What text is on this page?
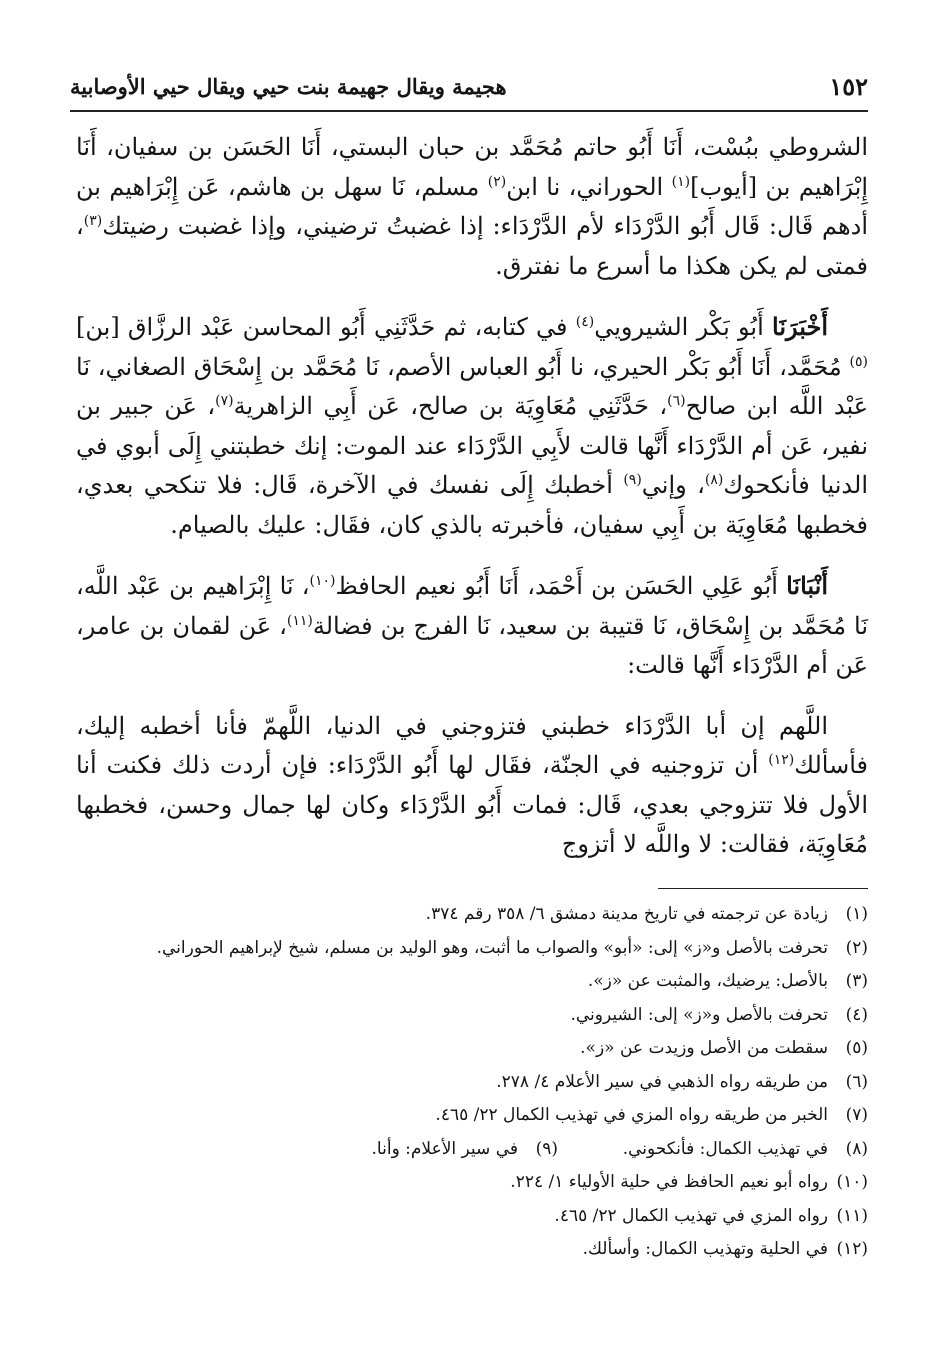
١٥٢
هجيمة ويقال جهيمة بنت حيي ويقال حيي الأوصابية

الشروطي ببُسْت، أَنَا أَبُو حاتم مُحَمَّد بن حبان البستي، أَنَا الحَسَن بن سفيان، أَنَا إِبْرَاهيم بن [أيوب]$^{(١)}$ الحوراني، نا ابن$^{(٢)}$ مسلم، نَا سهل بن هاشم، عَن إِبْرَاهيم بن أدهم قَال: قَال أَبُو الدَّرْدَاء لأم الدَّرْدَاء: إذا غضبتُ ترضيني، وإذا غضبت رضيتك$^{(٣)}$، فمتى لم يكن هكذا ما أسرع ما نفترق.

أَخْبَرَنَا أَبُو بَكْر الشيرويي$^{(٤)}$ في كتابه، ثم حَدَّثَنِي أَبُو المحاسن عَبْد الرزَّاق [بن]$^{(٥)}$ مُحَمَّد، أَنَا أَبُو بَكْر الحيري، نا أَبُو العباس الأصم، نَا مُحَمَّد بن إِسْحَاق الصغاني، نَا عَبْد اللَّه ابن صالح$^{(٦)}$، حَدَّثَنِي مُعَاوِيَة بن صالح، عَن أَبِي الزاهرية$^{(٧)}$، عَن جبير بن نفير، عَن أم الدَّرْدَاء أَنَّها قالت لأَبِي الدَّرْدَاء عند الموت: إنك خطبتني إِلَى أبوي في الدنيا فأنكحوك$^{(٨)}$، وإني$^{(٩)}$ أخطبك إِلَى نفسك في الآخرة، قَال: فلا تنكحي بعدي، فخطبها مُعَاوِيَة بن أَبِي سفيان، فأخبرته بالذي كان، فقَال: عليك بالصيام.

أَنْبَانَا أَبُو عَلِي الحَسَن بن أَحْمَد، أَنَا أَبُو نعيم الحافظ$^{(١٠)}$، نَا إِبْرَاهيم بن عَبْد اللَّه، نَا مُحَمَّد بن إِسْحَاق، نَا قتيبة بن سعيد، نَا الفرج بن فضالة$^{(١١)}$، عَن لقمان بن عامر، عَن أم الدَّرْدَاء أَنَّها قالت:

اللَّهم إن أبا الدَّرْدَاء خطبني فتزوجني في الدنيا، اللَّهمّ فأنا أخطبه إليك، فأسألك$^{(١٢)}$ أن تزوجنيه في الجنّة، فقَال لها أَبُو الدَّرْدَاء: فإن أردت ذلك فكنت أنا الأول فلا تتزوجي بعدي، قَال: فمات أَبُو الدَّرْدَاء وكان لها جمال وحسن، فخطبها مُعَاوِيَة، فقالت: لا واللَّه لا أتزوج

(١)زيادة عن ترجمته في تاريخ مدينة دمشق ٦/ ٣٥٨ رقم ٣٧٤.
(٢)تحرفت بالأصل و«ز» إلى: «أبو» والصواب ما أثبت، وهو الوليد بن مسلم، شيخ لإبراهيم الحوراني.
(٣)بالأصل: يرضيك، والمثبت عن «ز».
(٤)تحرفت بالأصل و«ز» إلى: الشيروني.
(٥)سقطت من الأصل وزيدت عن «ز».
(٦)من طريقه رواه الذهبي في سير الأعلام ٤/ ٢٧٨.
(٧)الخبر من طريقه رواه المزي في تهذيب الكمال ٢٢/ ٤٦٥.
(٨)في تهذيب الكمال: فأنكحوني.
(٩)في سير الأعلام: وأنا.
(١٠)رواه أبو نعيم الحافظ في حلية الأولياء ١/ ٢٢٤.
(١١)رواه المزي في تهذيب الكمال ٢٢/ ٤٦٥.
(١٢)في الحلية وتهذيب الكمال: وأسألك.
